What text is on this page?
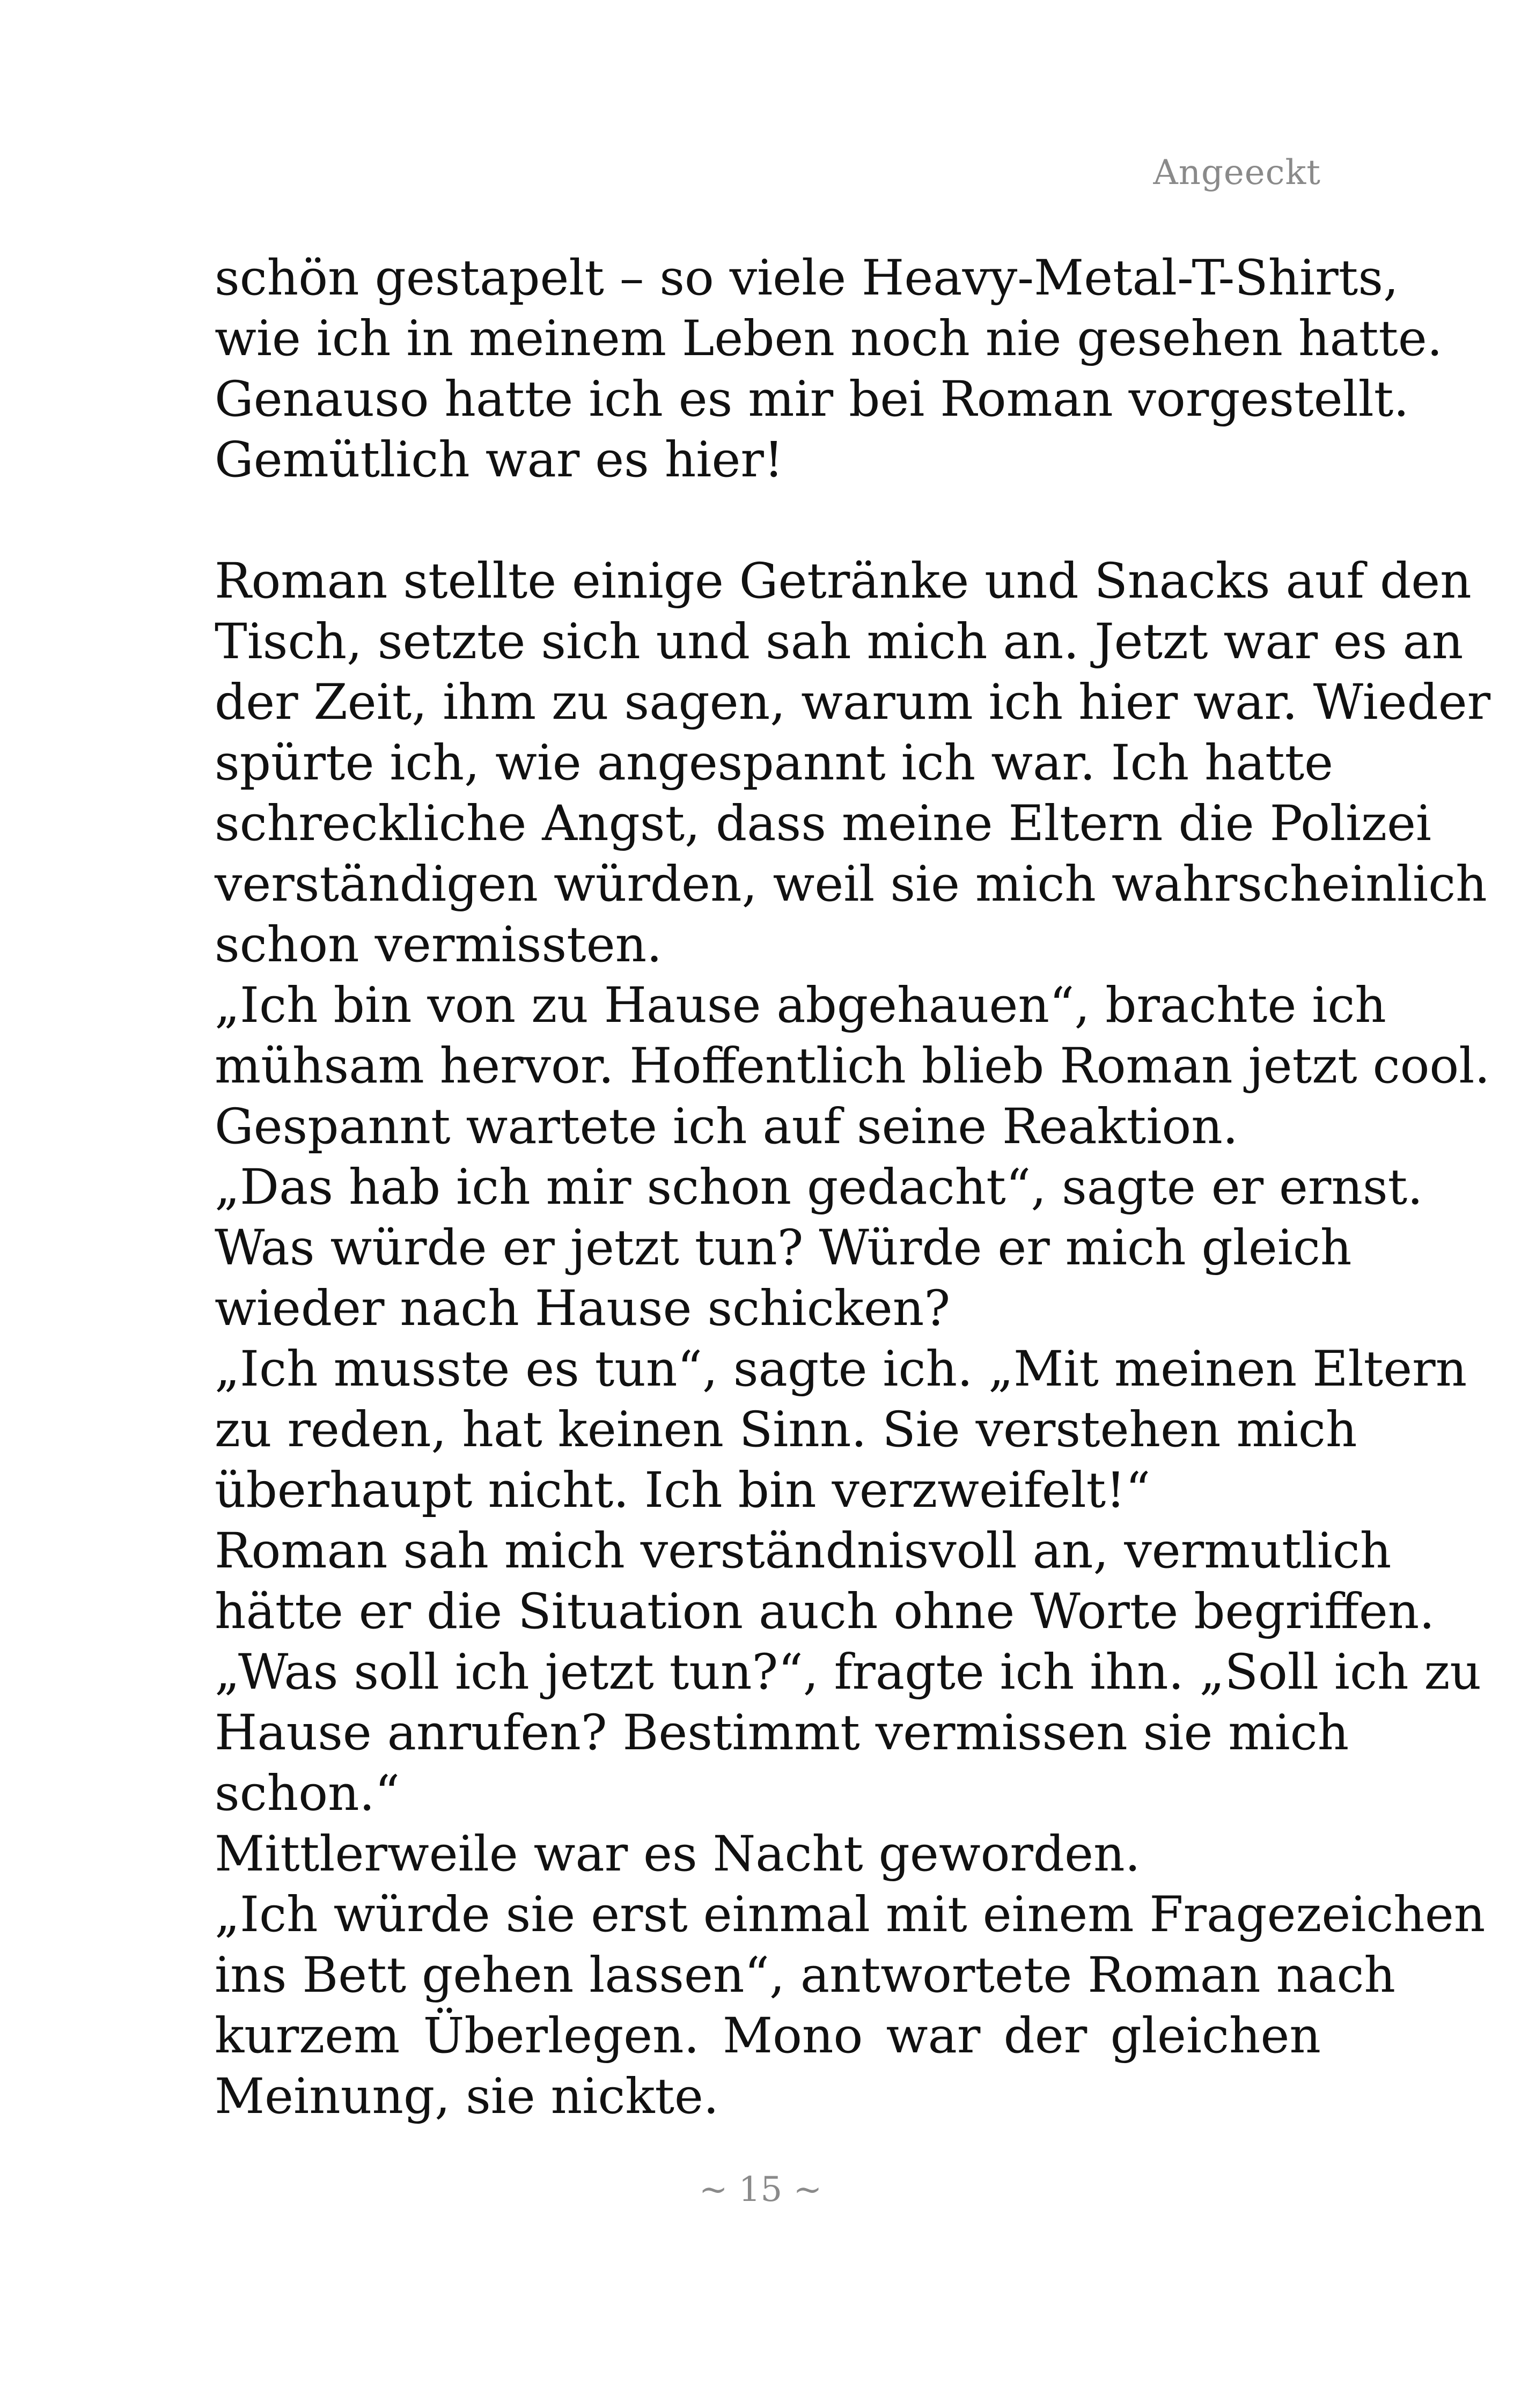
Angeeckt
schön gestapelt – so viele Heavy-Metal-T-Shirts,
wie ich in meinem Leben noch nie gesehen hatte.
Genauso hatte ich es mir bei Roman vorgestellt.
Gemütlich war es hier!
Roman stellte einige Getränke und Snacks auf den
Tisch, setzte sich und sah mich an. Jetzt war es an
der Zeit, ihm zu sagen, warum ich hier war. Wieder
spürte ich, wie angespannt ich war. Ich hatte
schreckliche Angst, dass meine Eltern die Polizei
verständigen würden, weil sie mich wahrscheinlich
schon vermissten.
„Ich bin von zu Hause abgehauen“, brachte ich
mühsam hervor. Hoffentlich blieb Roman jetzt cool.
Gespannt wartete ich auf seine Reaktion.
„Das hab ich mir schon gedacht“, sagte er ernst.
Was würde er jetzt tun? Würde er mich gleich
wieder nach Hause schicken?
„Ich musste es tun“, sagte ich. „Mit meinen Eltern
zu reden, hat keinen Sinn. Sie verstehen mich
überhaupt nicht. Ich bin verzweifelt!“
Roman sah mich verständnisvoll an, vermutlich
hätte er die Situation auch ohne Worte begriffen.
„Was soll ich jetzt tun?“, fragte ich ihn. „Soll ich zu
Hause anrufen? Bestimmt vermissen sie mich
schon.“
Mittlerweile war es Nacht geworden.
„Ich würde sie erst einmal mit einem Fragezeichen
ins Bett gehen lassen“, antwortete Roman nach
kurzem Überlegen. Mono war der gleichen
Meinung, sie nickte.
~ 15 ~
